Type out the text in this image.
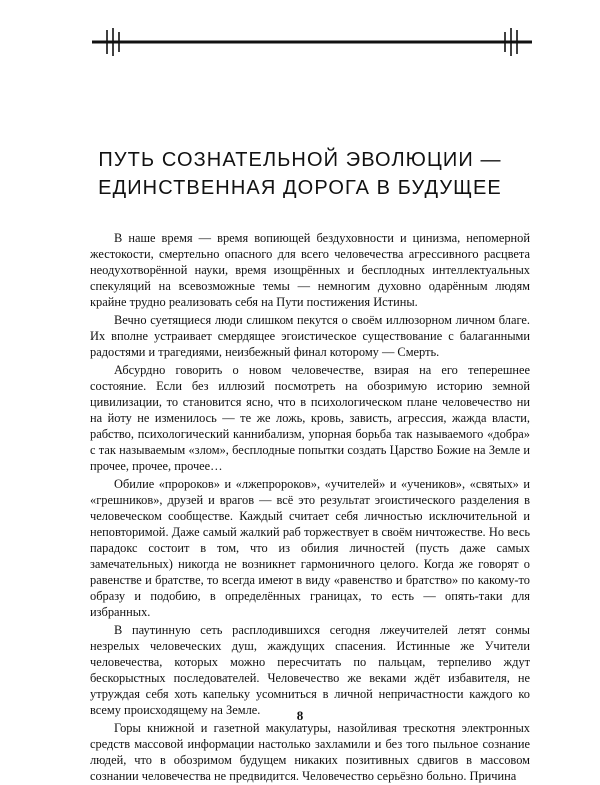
ПУТЬ СОЗНАТЕЛЬНОЙ ЭВОЛЮЦИИ —
ЕДИНСТВЕННАЯ ДОРОГА В БУДУЩЕЕ

В наше время — время вопиющей бездуховности и цинизма, непомерной жестокости, смертельно опасного для всего человечества агрессивного расцвета неодухотворённой науки, время изощрённых и бесплодных интеллектуальных спекуляций на всевозможные темы — немногим духовно одарённым людям крайне трудно реализовать себя на Пути постижения Истины.

Вечно суетящиеся люди слишком пекутся о своём иллюзорном личном благе. Их вполне устраивает смердящее эгоистическое существование с балаганными радостями и трагедиями, неизбежный финал которому — Смерть.

Абсурдно говорить о новом человечестве, взирая на его теперешнее состояние. Если без иллюзий посмотреть на обозримую историю земной цивилизации, то становится ясно, что в психологическом плане человечество ни на йоту не изменилось — те же ложь, кровь, зависть, агрессия, жажда власти, рабство, психологический каннибализм, упорная борьба так называемого «добра» с так называемым «злом», бесплодные попытки создать Царство Божие на Земле и прочее, прочее, прочее…

Обилие «пророков» и «лжепророков», «учителей» и «учеников», «святых» и «грешников», друзей и врагов — всё это результат эгоистического разделения в человеческом сообществе. Каждый считает себя личностью исключительной и неповторимой. Даже самый жалкий раб торжествует в своём ничтожестве. Но весь парадокс состоит в том, что из обилия личностей (пусть даже самых замечательных) никогда не возникнет гармоничного целого. Когда же говорят о равенстве и братстве, то всегда имеют в виду «равенство и братство» по какому-то образу и подобию, в определённых границах, то есть — опять-таки для избранных.

В паутинную сеть расплодившихся сегодня лжеучителей летят сонмы незрелых человеческих душ, жаждущих спасения. Истинные же Учители человечества, которых можно пересчитать по пальцам, терпеливо ждут бескорыстных последователей. Человечество же веками ждёт избавителя, не утруждая себя хоть капельку усомниться в личной непричастности каждого ко всему происходящему на Земле.

Горы книжной и газетной макулатуры, назойливая трескотня электронных средств массовой информации настолько захламили и без того пыльное сознание людей, что в обозримом будущем никаких позитивных сдвигов в массовом сознании человечества не предвидится. Человечество серьёзно больно. Причина

8
